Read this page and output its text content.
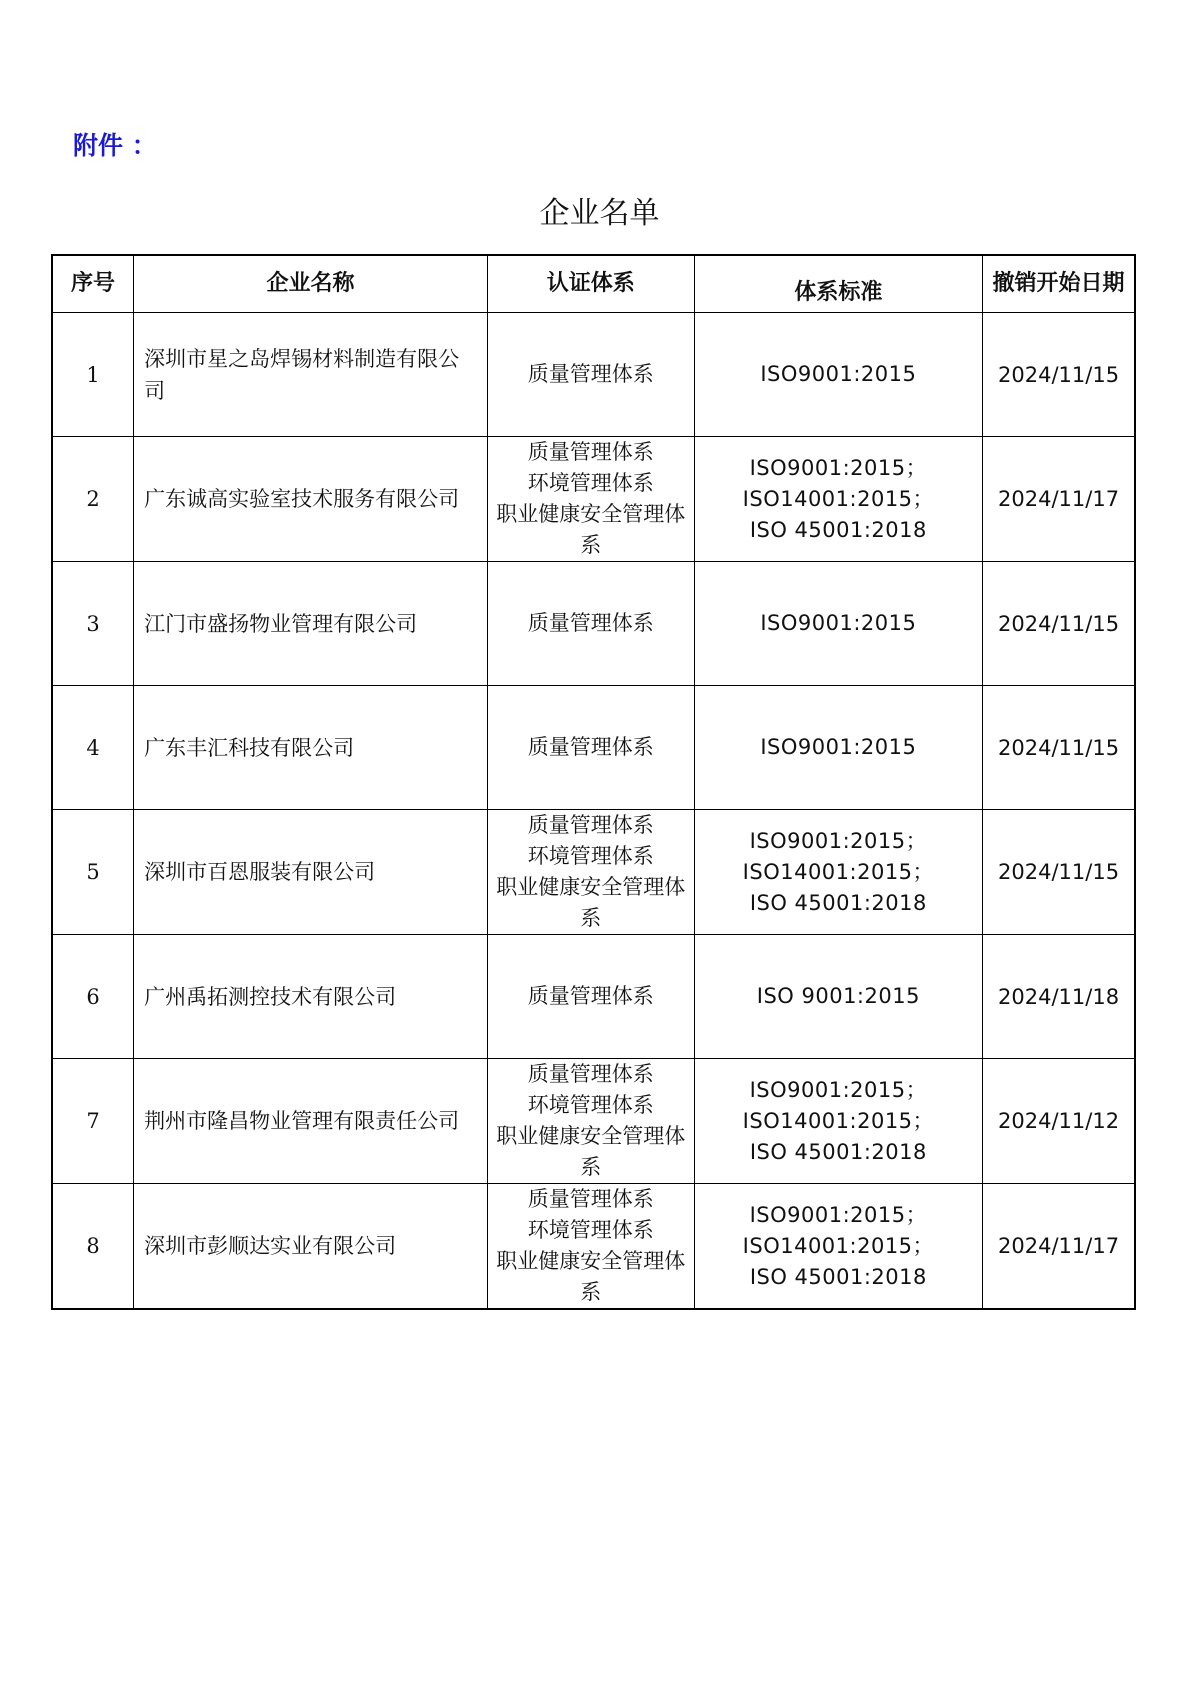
附件 ：
企业名单
序号	企业名称	认证体系	体系标准	撤销开始日期
1	深圳市星之岛焊锡材料制造有限公司	质量管理体系	ISO9001:2015	2024/11/15
2	广东诚高实验室技术服务有限公司	质量管理体系
环境管理体系
职业健康安全管理体系	ISO9001:2015；
ISO14001:2015；
ISO 45001:2018	2024/11/17
3	江门市盛扬物业管理有限公司	质量管理体系	ISO9001:2015	2024/11/15
4	广东丰汇科技有限公司	质量管理体系	ISO9001:2015	2024/11/15
5	深圳市百恩服装有限公司	质量管理体系
环境管理体系
职业健康安全管理体系	ISO9001:2015；
ISO14001:2015；
ISO 45001:2018	2024/11/15
6	广州禹拓测控技术有限公司	质量管理体系	ISO 9001:2015	2024/11/18
7	荆州市隆昌物业管理有限责任公司	质量管理体系
环境管理体系
职业健康安全管理体系	ISO9001:2015；
ISO14001:2015；
ISO 45001:2018	2024/11/12
8	深圳市彭顺达实业有限公司	质量管理体系
环境管理体系
职业健康安全管理体系	ISO9001:2015；
ISO14001:2015；
ISO 45001:2018	2024/11/17
